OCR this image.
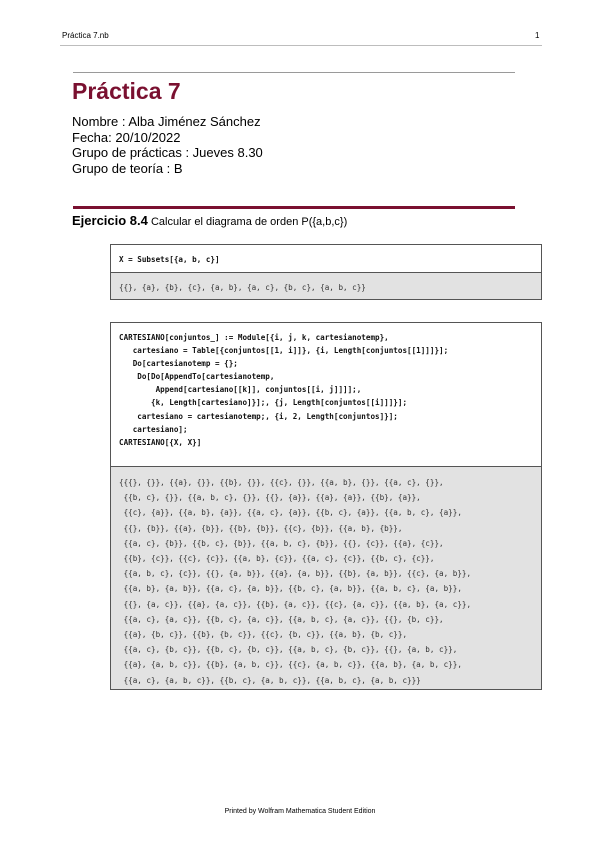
Práctica 7.nb	1
Práctica 7
Nombre : Alba Jiménez Sánchez
Fecha: 20/10/2022
Grupo de prácticas : Jueves 8.30
Grupo de teoría : B
Ejercicio 8.4 Calcular el diagrama de orden P({a,b,c})
X = Subsets[{a, b, c}]
{{}, {a}, {b}, {c}, {a, b}, {a, c}, {b, c}, {a, b, c}}
CARTESIANO[conjuntos_] := Module[{i, j, k, cartesianotemp},
cartesiano = Table[{conjuntos[[1, i]]}, {i, Length[conjuntos[[1]]]}];
Do[cartesianotemp = {};
Do[Do[AppendTo[cartesianotemp,
Append[cartesiano[[k]], conjuntos[[i, j]]]];,
{k, Length[cartesiano]}];, {j, Length[conjuntos[[i]]]}];
cartesiano = cartesianotemp;, {i, 2, Length[conjuntos]}];
cartesiano];
CARTESIANO[{X, X}]
{{{}, {}}, {{a}, {}}, {{b}, {}}, {{c}, {}}, {{a, b}, {}}, {{a, c}, {}},
{{b, c}, {}}, {{a, b, c}, {}}, {{}, {a}}, {{a}, {a}}, {{b}, {a}},
{{c}, {a}}, {{a, b}, {a}}, {{a, c}, {a}}, {{b, c}, {a}}, {{a, b, c}, {a}},
{{}, {b}}, {{a}, {b}}, {{b}, {b}}, {{c}, {b}}, {{a, b}, {b}},
{{a, c}, {b}}, {{b, c}, {b}}, {{a, b, c}, {b}}, {{}, {c}}, {{a}, {c}},
{{b}, {c}}, {{c}, {c}}, {{a, b}, {c}}, {{a, c}, {c}}, {{b, c}, {c}},
{{a, b, c}, {c}}, {{}, {a, b}}, {{a}, {a, b}}, {{b}, {a, b}}, {{c}, {a, b}},
{{a, b}, {a, b}}, {{a, c}, {a, b}}, {{b, c}, {a, b}}, {{a, b, c}, {a, b}},
{{}, {a, c}}, {{a}, {a, c}}, {{b}, {a, c}}, {{c}, {a, c}}, {{a, b}, {a, c}},
{{a, c}, {a, c}}, {{b, c}, {a, c}}, {{a, b, c}, {a, c}}, {{}, {b, c}},
{{a}, {b, c}}, {{b}, {b, c}}, {{c}, {b, c}}, {{a, b}, {b, c}},
{{a, c}, {b, c}}, {{b, c}, {b, c}}, {{a, b, c}, {b, c}}, {{}, {a, b, c}},
{{a}, {a, b, c}}, {{b}, {a, b, c}}, {{c}, {a, b, c}}, {{a, b}, {a, b, c}},
{{a, c}, {a, b, c}}, {{b, c}, {a, b, c}}, {{a, b, c}, {a, b, c}}}
Printed by Wolfram Mathematica Student Edition
